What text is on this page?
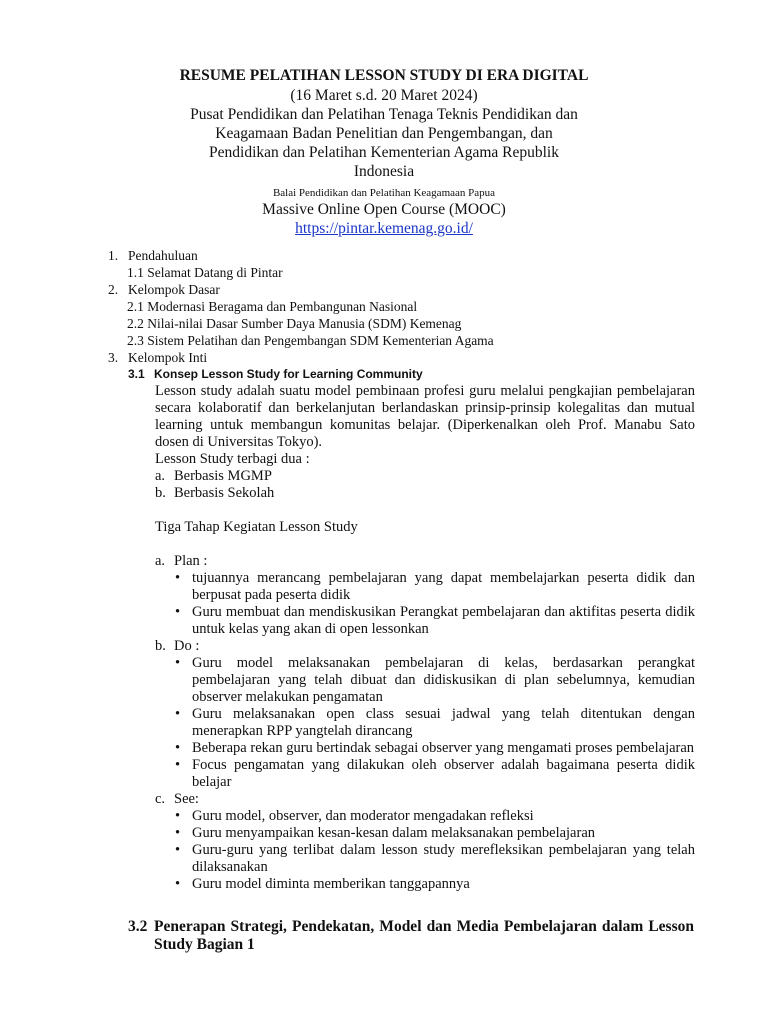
RESUME PELATIHAN LESSON STUDY DI ERA DIGITAL
(16 Maret s.d. 20 Maret 2024)
Pusat Pendidikan dan Pelatihan Tenaga Teknis Pendidikan dan
Keagamaan Badan Penelitian dan Pengembangan, dan
Pendidikan dan Pelatihan Kementerian Agama Republik
Indonesia
Balai Pendidikan dan Pelatihan Keagamaan Papua
Massive Online Open Course (MOOC)
https://pintar.kemenag.go.id/
1. Pendahuluan
1.1 Selamat Datang di Pintar
2. Kelompok Dasar
2.1 Modernasi Beragama dan Pembangunan Nasional
2.2 Nilai-nilai Dasar Sumber Daya Manusia (SDM) Kemenag
2.3 Sistem Pelatihan dan Pengembangan SDM Kementerian Agama
3. Kelompok Inti
3.1 Konsep Lesson Study for Learning Community
Lesson study adalah suatu model pembinaan profesi guru melalui pengkajian pembelajaran secara kolaboratif dan berkelanjutan berlandaskan prinsip-prinsip kolegalitas dan mutual learning untuk membangun komunitas belajar. (Diperkenalkan oleh Prof. Manabu Sato dosen di Universitas Tokyo).
Lesson Study terbagi dua :
a. Berbasis MGMP
b. Berbasis Sekolah
Tiga Tahap Kegiatan Lesson Study
a. Plan :
• tujuannya merancang pembelajaran yang dapat membelajarkan peserta didik dan berpusat pada peserta didik
• Guru membuat dan mendiskusikan Perangkat pembelajaran dan aktifitas peserta didik untuk kelas yang akan di open lessonkan
b. Do :
• Guru model melaksanakan pembelajaran di kelas, berdasarkan perangkat pembelajaran yang telah dibuat dan didiskusikan di plan sebelumnya, kemudian observer melakukan pengamatan
• Guru melaksanakan open class sesuai jadwal yang telah ditentukan dengan menerapkan RPP yangtelah dirancang
• Beberapa rekan guru bertindak sebagai observer yang mengamati proses pembelajaran
• Focus pengamatan yang dilakukan oleh observer adalah bagaimana peserta didik belajar
c. See:
• Guru model, observer, dan moderator mengadakan refleksi
• Guru menyampaikan kesan-kesan dalam melaksanakan pembelajaran
• Guru-guru yang terlibat dalam lesson study merefleksikan pembelajaran yang telah dilaksanakan
• Guru model diminta memberikan tanggapannya
3.2 Penerapan Strategi, Pendekatan, Model dan Media Pembelajaran dalam Lesson Study Bagian 1
